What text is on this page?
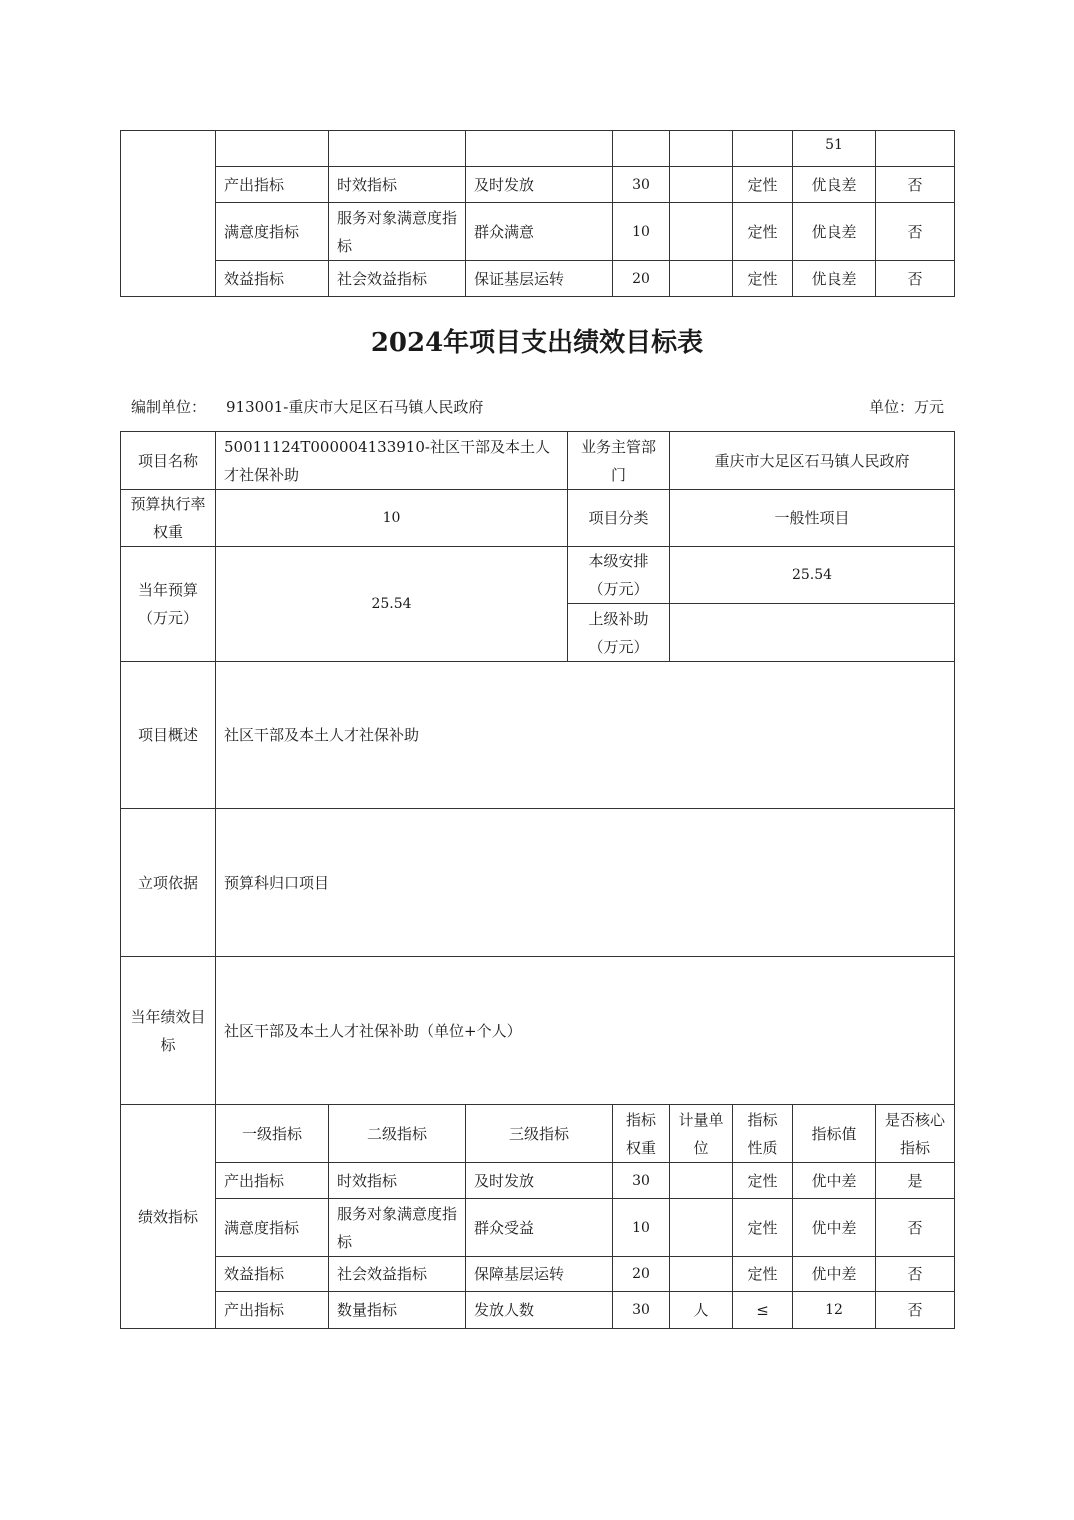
							51	
	产出指标	时效指标	及时发放	30		定性	优良差	否
	满意度指标	服务对象满意度指标	群众满意	10		定性	优良差	否
	效益指标	社会效益指标	保证基层运转	20		定性	优良差	否
2024年项目支出绩效目标表
编制单位： 913001-重庆市大足区石马镇人民政府	单位：万元
项目名称	50011124T000004133910-社区干部及本土人才社保补助			业务主管部门		重庆市大足区石马镇人民政府			
预算执行率权重	10			项目分类		一般性项目			
当年预算（万元）	25.54			本级安排（万元）		25.54			
				上级补助（万元）					
项目概述	社区干部及本土人才社保补助								
立项依据	预算科归口项目								
当年绩效目标	社区干部及本土人才社保补助（单位+个人）								
绩效指标	一级指标	二级指标	三级指标		指标权重	计量单位	指标性质	指标值	是否核心指标
	产出指标	时效指标	及时发放		30		定性	优中差	是
	满意度指标	服务对象满意度指标	群众受益		10		定性	优中差	否
	效益指标	社会效益指标	保障基层运转		20		定性	优中差	否
	产出指标	数量指标	发放人数		30	人	≤	12	否
